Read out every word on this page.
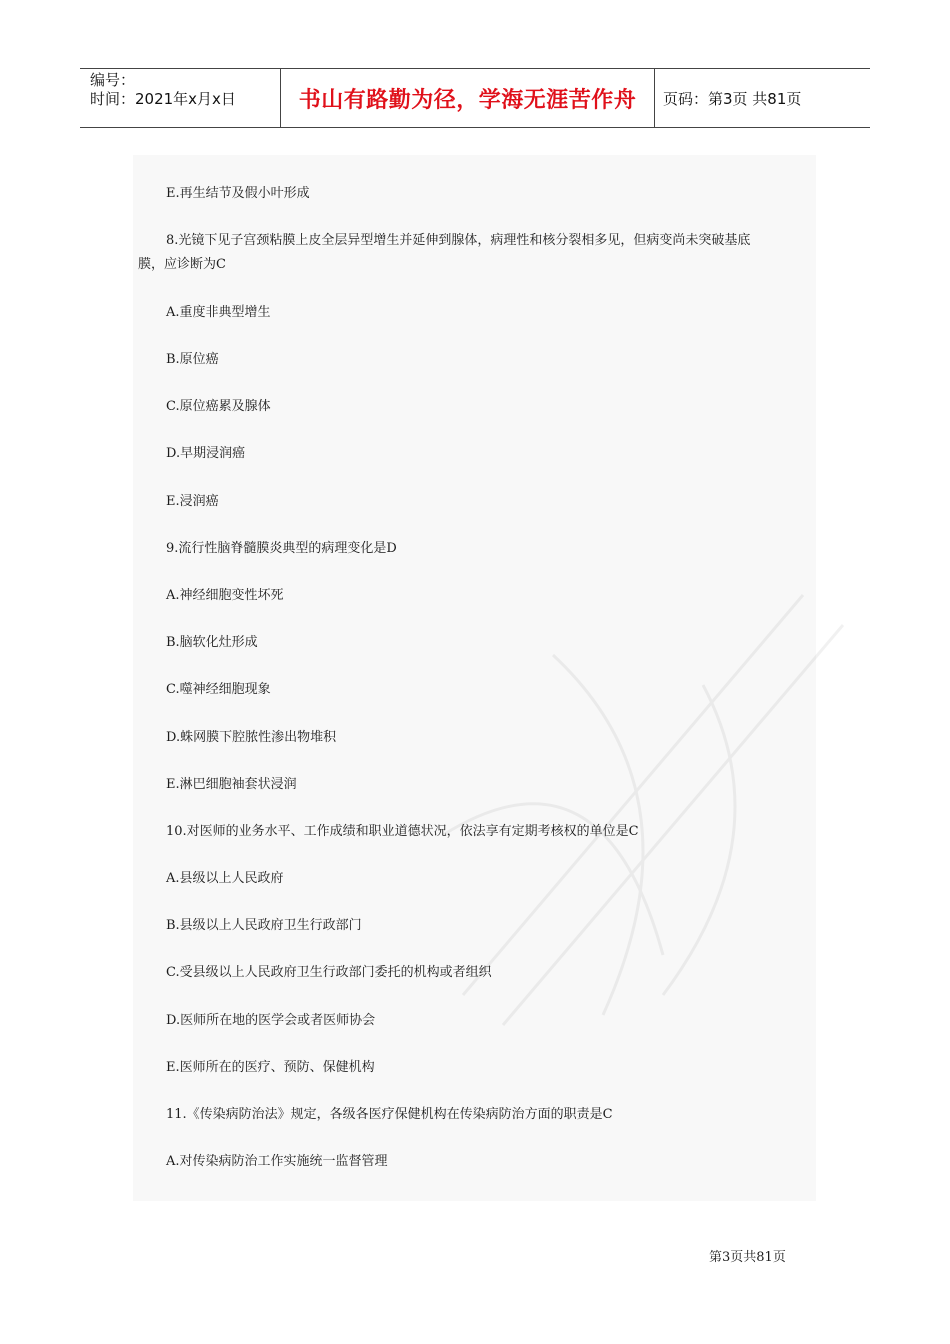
编号：
时间：2021年x月x日	书山有路勤为径，学海无涯苦作舟	页码：第3页 共81页
E.再生结节及假小叶形成
8.光镜下见子宫颈粘膜上皮全层异型增生并延伸到腺体，病理性和核分裂相多见，但病变尚未突破基底
膜，应诊断为C
A.重度非典型增生
B.原位癌
C.原位癌累及腺体
D.早期浸润癌
E.浸润癌
9.流行性脑脊髓膜炎典型的病理变化是D
A.神经细胞变性坏死
B.脑软化灶形成
C.噬神经细胞现象
D.蛛网膜下腔脓性渗出物堆积
E.淋巴细胞袖套状浸润
10.对医师的业务水平、工作成绩和职业道德状况，依法享有定期考核权的单位是C
A.县级以上人民政府
B.县级以上人民政府卫生行政部门
C.受县级以上人民政府卫生行政部门委托的机构或者组织
D.医师所在地的医学会或者医师协会
E.医师所在的医疗、预防、保健机构
11.《传染病防治法》规定，各级各医疗保健机构在传染病防治方面的职责是C
A.对传染病防治工作实施统一监督管理
第3页共81页
